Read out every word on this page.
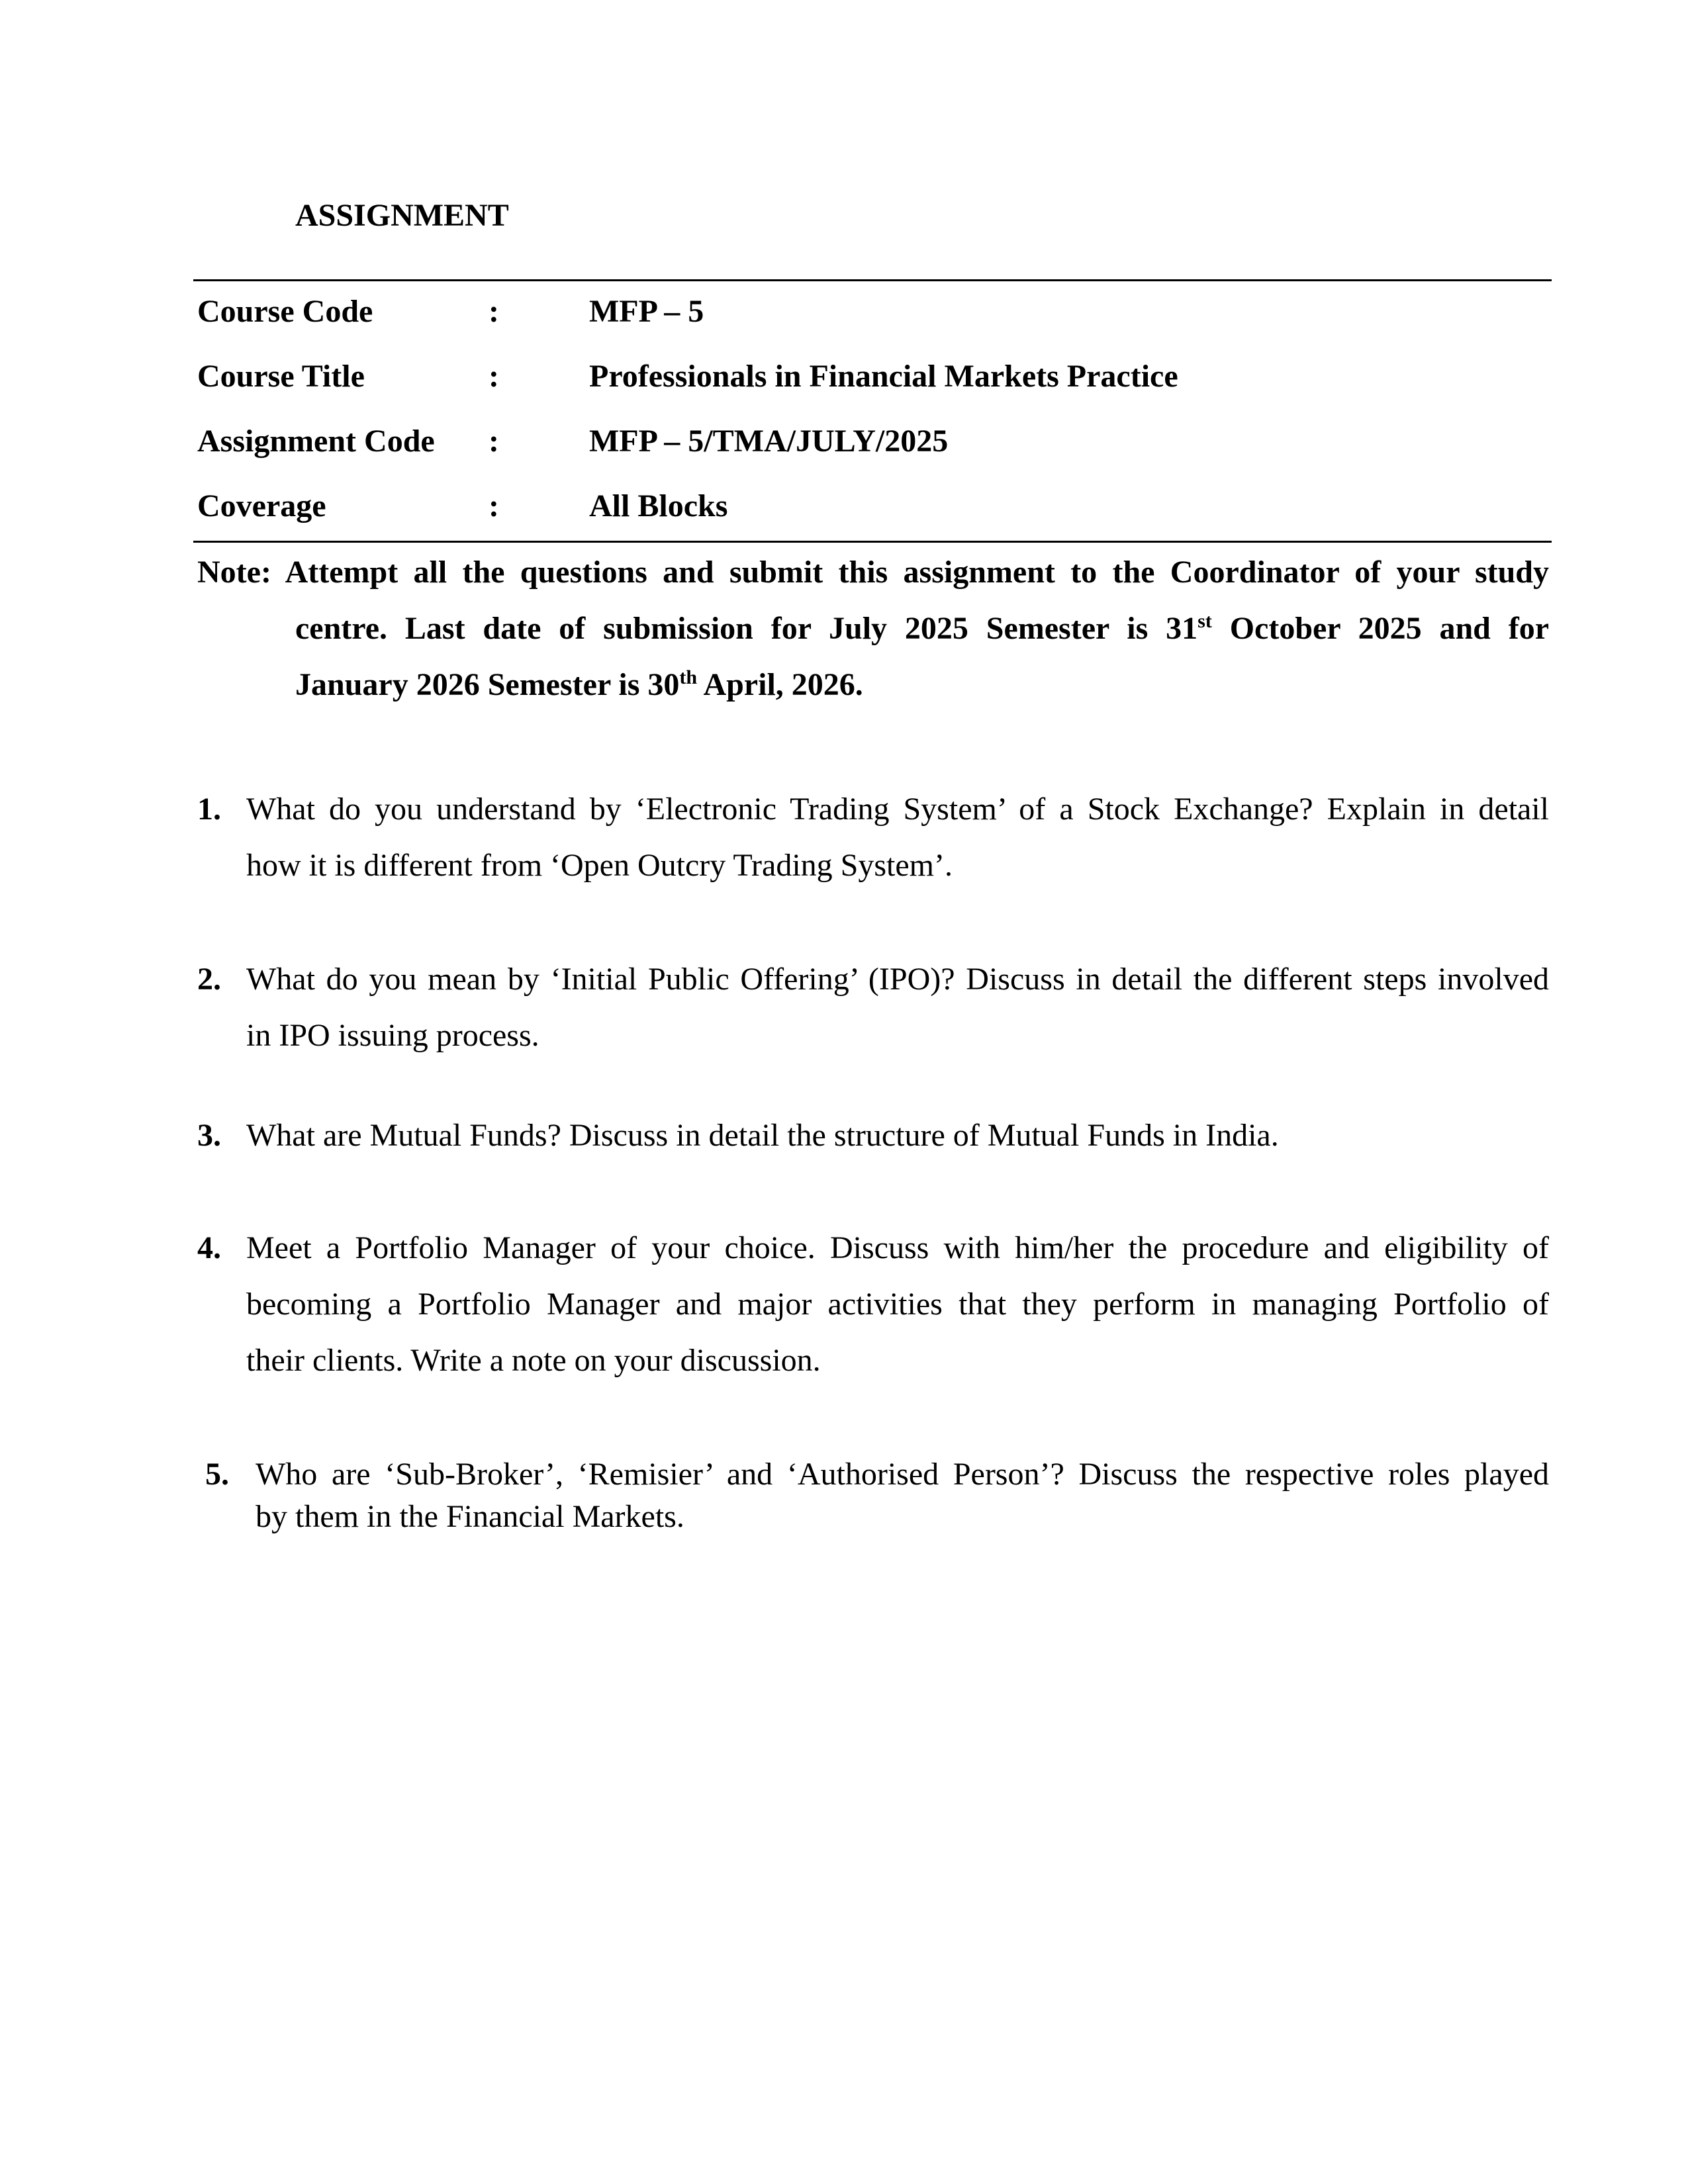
ASSIGNMENT
Course Code	:	MFP – 5
Course Title	:	Professionals in Financial Markets Practice
Assignment Code :	MFP – 5/TMA/JULY/2025
Coverage	:	All Blocks
Note: Attempt all the questions and submit this assignment to the Coordinator of your study
centre. Last date of submission for July 2025 Semester is 31st October 2025 and for
January 2026 Semester is 30th April, 2026.
1. What do you understand by ‘Electronic Trading System’ of a Stock Exchange? Explain in detail
how it is different from ‘Open Outcry Trading System’.
2. What do you mean by ‘Initial Public Offering’ (IPO)? Discuss in detail the different steps involved
in IPO issuing process.
3. What are Mutual Funds? Discuss in detail the structure of Mutual Funds in India.
4. Meet a Portfolio Manager of your choice. Discuss with him/her the procedure and eligibility of
becoming a Portfolio Manager and major activities that they perform in managing Portfolio of
their clients. Write a note on your discussion.
5. Who are ‘Sub-Broker’, ‘Remisier’ and ‘Authorised Person’? Discuss the respective roles played
by them in the Financial Markets.
